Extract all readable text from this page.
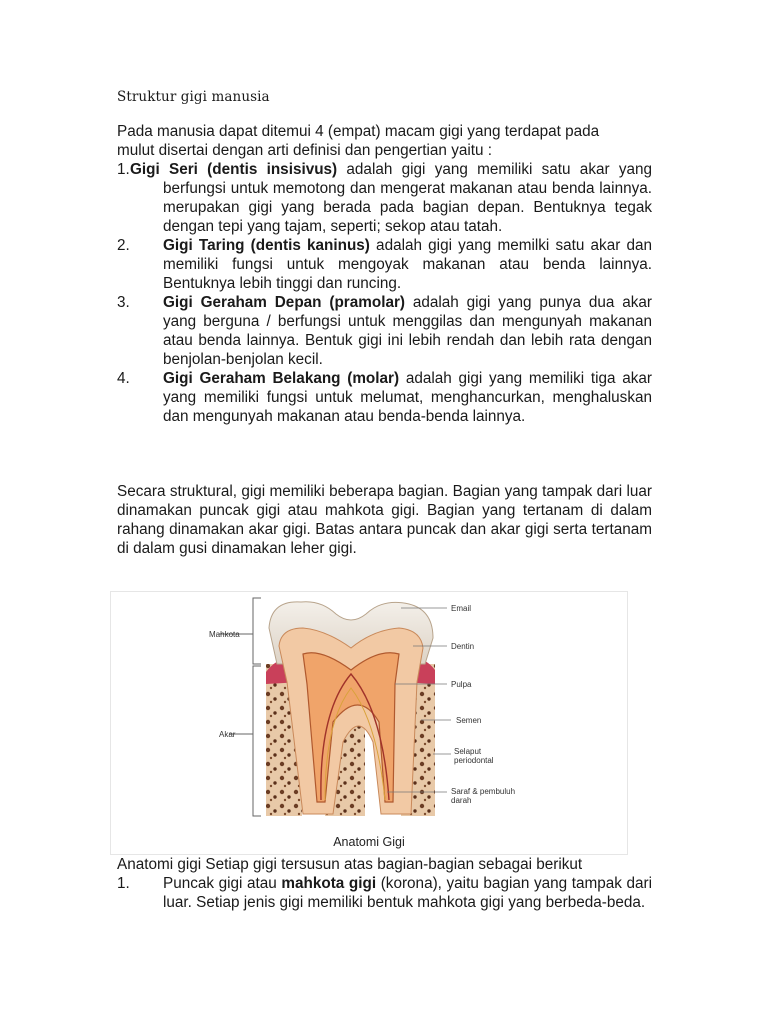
Struktur gigi manusia
Pada manusia dapat ditemui 4 (empat) macam gigi yang terdapat pada
mulut disertai dengan arti definisi dan pengertian yaitu :
1. Gigi Seri (dentis insisivus) adalah gigi yang memiliki satu akar yang berfungsi untuk memotong dan mengerat makanan atau benda lainnya. merupakan gigi yang berada pada bagian depan. Bentuknya tegak dengan tepi yang tajam, seperti; sekop atau tatah.
2. Gigi Taring (dentis kaninus) adalah gigi yang memilki satu akar dan memiliki fungsi untuk mengoyak makanan atau benda lainnya. Bentuknya lebih tinggi dan runcing.
3. Gigi Geraham Depan (pramolar) adalah gigi yang punya dua akar yang berguna / berfungsi untuk menggilas dan mengunyah makanan atau benda lainnya. Bentuk gigi ini lebih rendah dan lebih rata dengan benjolan-benjolan kecil.
4. Gigi Geraham Belakang (molar) adalah gigi yang memiliki tiga akar yang memiliki fungsi untuk melumat, menghancurkan, menghaluskan dan mengunyah makanan atau benda-benda lainnya.
Secara struktural, gigi memiliki beberapa bagian. Bagian yang tampak dari luar dinamakan puncak gigi atau mahkota gigi. Bagian yang tertanam di dalam rahang dinamakan akar gigi. Batas antara puncak dan akar gigi serta tertanam di dalam gusi dinamakan leher gigi.
Mahkota
Akar
Email
Dentin
Pulpa
Semen
Selaput
periodontal
Saraf & pembuluh
darah
Anatomi Gigi
Anatomi gigi Setiap gigi tersusun atas bagian-bagian sebagai berikut
1. Puncak gigi atau mahkota gigi (korona), yaitu bagian yang tampak dari luar. Setiap jenis gigi memiliki bentuk mahkota gigi yang berbeda-beda.
